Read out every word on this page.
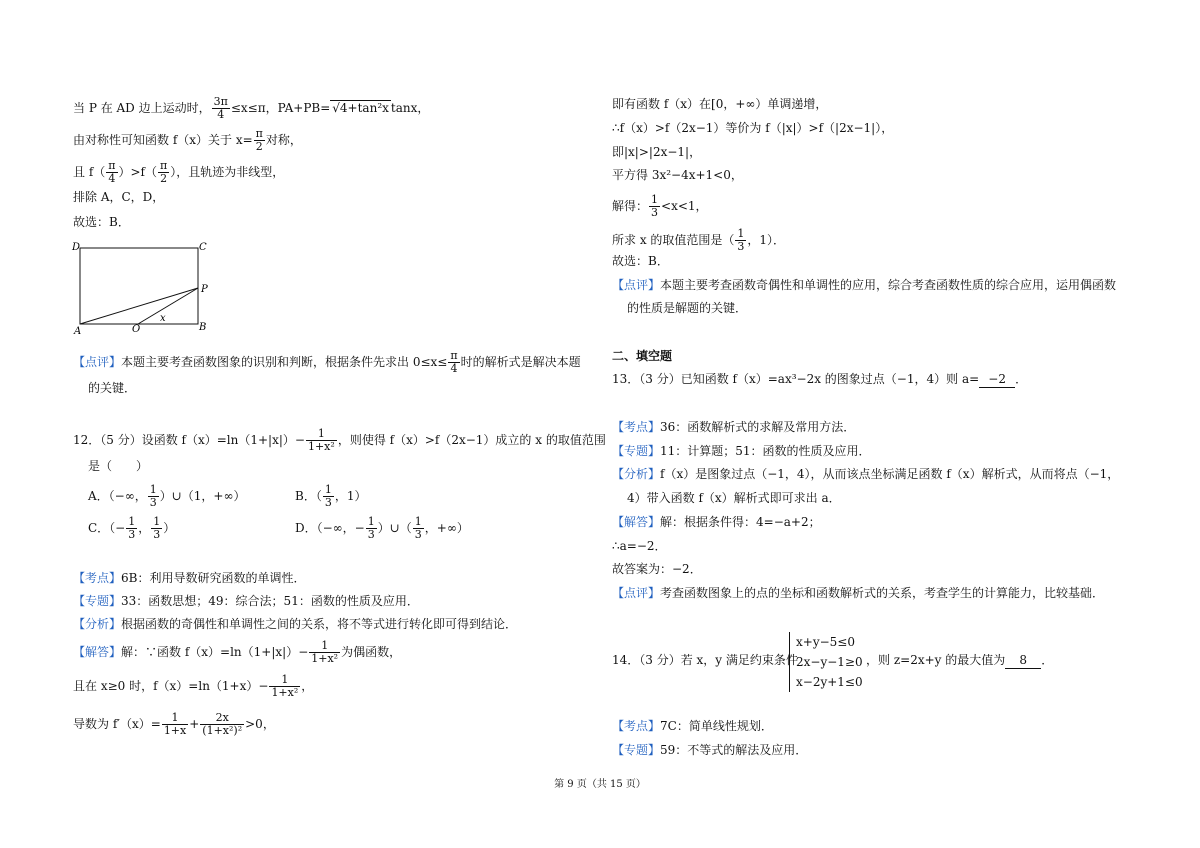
当 P 在 AD 边上运动时， $\frac{3\pi}{4} \le x\le\pi$，PA+PB= √4+tan²x tanx，
由对称性可知函数 f（x）关于 $x= \frac{\pi}{2}$ 对称，
且 $f( \frac{\pi}{4} )>f( \frac{\pi}{2}$ ），且轨迹为非线型，
排除 A，C，D，
故选：B．
D	C
P
A	O	B
x
【点评】本题主要考查函数图象的识别和判断，根据条件先求出 $0\le x\le \frac{\pi}{4}$ 时的解析式是解决本题
的关键．
12．（5 分）设函数 $f(x)=\ln(1+|x|)- \frac{1}{\text{1+x²}}$ ，则使得 f（x）>f（2x−1）成立的 x 的取值范围
是（　　）
A．（−∞， $\frac{1}{3}$ ）∪（1，+∞）	B．（ $\frac{1}{3}$ ，1）
C．（− $\frac{1}{3}$ ， $\frac{1}{3}$ ）	D．（−∞，− $\frac{1}{3}$ ）∪（ $\frac{1}{3}$ ，+∞）
【考点】6B：利用导数研究函数的单调性．
【专题】33：函数思想；49：综合法；51：函数的性质及应用．
【分析】根据函数的奇偶性和单调性之间的关系，将不等式进行转化即可得到结论．
【解答】解：∵函数 $f(x)=\ln(1+|x|)- \frac{1}{\text{1+x²}}$ 为偶函数，
且在 x≥0 时，$f(x)=\ln(1+x)- \frac{1}{\text{1+x²}}$ ，
导数为 $f'(x)= \frac{1}{1+x} + \frac{2x}{\text{(1+x²)²}} >0$，
即有函数 f（x）在[0，+∞）单调递增，
∴f（x）>f（2x−1）等价为 f（|x|）>f（|2x−1|），
即|x|>|2x−1|，
平方得 3x²−4x+1<0，
解得： $\frac{1}{3} <x<1$，
所求 x 的取值范围是（ $\frac{1}{3}$ ，1）．
故选：B．
【点评】本题主要考查函数奇偶性和单调性的应用，综合考查函数性质的综合应用，运用偶函数
的性质是解题的关键．
二、填空题
13．（3 分）已知函数 f（x）=ax³−2x 的图象过点（−1，4）则 a= −2 ．
【考点】36：函数解析式的求解及常用方法．
【专题】11：计算题；51：函数的性质及应用．
【分析】f（x）是图象过点（−1，4），从而该点坐标满足函数 f（x）解析式，从而将点（−1，
4）带入函数 f（x）解析式即可求出 a．
【解答】解：根据条件得：4=−a+2；
∴a=−2．
故答案为：−2．
【点评】考查函数图象上的点的坐标和函数解析式的关系，考查学生的计算能力，比较基础．
14．（3 分）若 x，y 满足约束条件
x+y−5≤0
2x−y−1≥0
x−2y+1≤0
，则 z=2x+y 的最大值为 8 ．
【考点】7C：简单线性规划．
【专题】59：不等式的解法及应用．
第 9 页（共 15 页）
